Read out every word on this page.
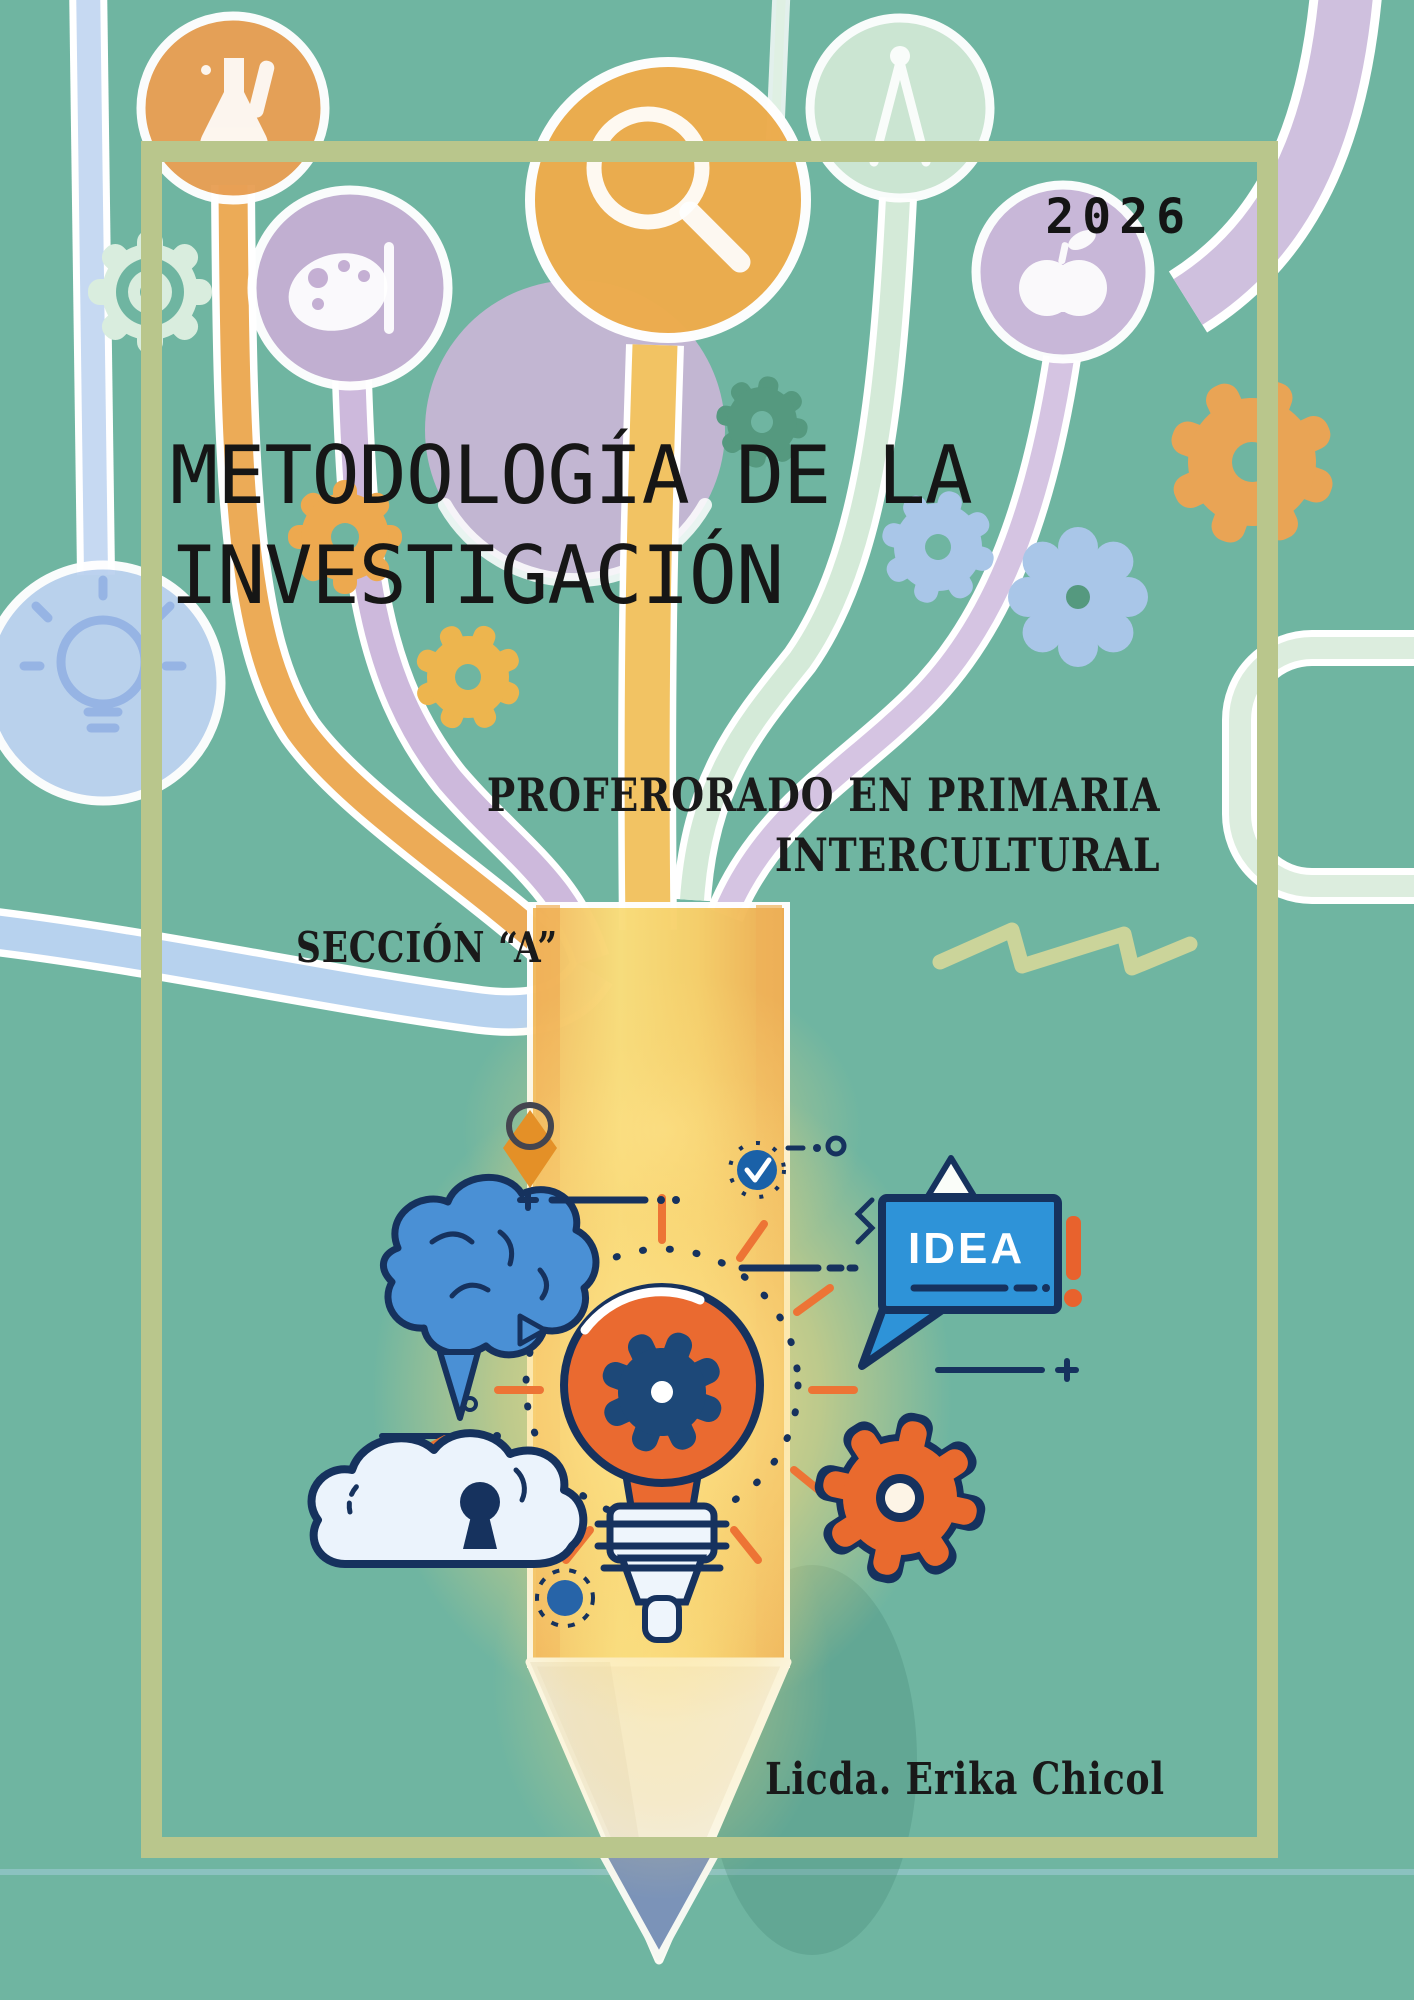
IDEA
2026
METODOLOGÍA DE LA
INVESTIGACIÓN
PROFERORADO EN PRIMARIA
INTERCULTURAL
SECCIÓN “A”
Licda. Erika Chicol
